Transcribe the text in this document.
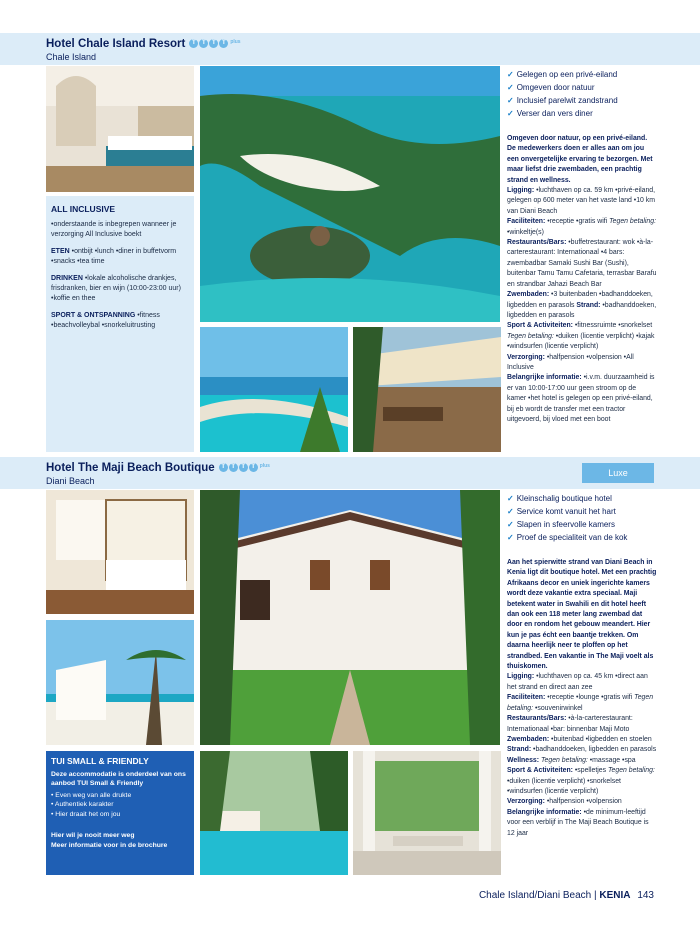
Hotel Chale Island Resort	T	T	T	T plus
Chale Island
ALL INCLUSIVE

•onderstaande is inbegrepen wanneer je verzorging All Inclusive boekt

ETEN •ontbijt •lunch •diner in buffetvorm •snacks •tea time

DRINKEN •lokale alcoholische drankjes, frisdranken, bier en wijn (10:00-23:00 uur) •koffie en thee

SPORT & ONTSPANNING •fitness •beachvolleybal •snorkeluitrusting

✓ Gelegen op een privé-eiland
✓ Omgeven door natuur
✓ Inclusief parelwit zandstrand
✓ Verser dan vers diner
Omgeven door natuur, op een privé-eiland. De medewerkers doen er alles aan om jou een onvergetelijke ervaring te bezorgen. Met maar liefst drie zwembaden, een prachtig strand en wellness.
Ligging: •luchthaven op ca. 59 km •privé-eiland, gelegen op 600 meter van het vaste land •10 km van Diani Beach
Faciliteiten: •receptie •gratis wifi Tegen betaling: •winkeltje(s)
Restaurants/Bars: •buffetrestaurant: wok •à-la-carterestaurant: Internationaal •4 bars: zwembadbar Samaki Sushi Bar (Sushi), buitenbar Tamu Tamu Cafetaria, terrasbar Barafu en strandbar Jahazi Beach Bar
Zwembaden: •3 buitenbaden •badhanddoeken, ligbedden en parasols Strand: •badhanddoeken, ligbedden en parasols
Sport & Activiteiten: •fitnessruimte •snorkelset Tegen betaling: •duiken (licentie verplicht) •kajak •windsurfen (licentie verplicht)
Verzorging: •halfpension •volpension •All Inclusive
Belangrijke informatie: •i.v.m. duurzaamheid is er van 10:00-17:00 uur geen stroom op de kamer •het hotel is gelegen op een privé-eiland, bij eb wordt de transfer met een tractor uitgevoerd, bij vloed met een boot
Hotel The Maji Beach Boutique	T	T	T	T plus
Diani Beach
Luxe
TUI SMALL & FRIENDLY
Deze accommodatie is onderdeel van ons aanbod TUI Small & Friendly
• Even weg van alle drukte
• Authentiek karakter
• Hier draait het om jou
Hier wil je nooit meer weg
Meer informatie voor in de brochure
✓ Kleinschalig boutique hotel
✓ Service komt vanuit het hart
✓ Slapen in sfeervolle kamers
✓ Proef de specialiteit van de kok
Aan het spierwitte strand van Diani Beach in Kenia ligt dit boutique hotel. Met een prachtig Afrikaans decor en uniek ingerichte kamers wordt deze vakantie extra speciaal. Maji betekent water in Swahili en dit hotel heeft dan ook een 118 meter lang zwembad dat door en rondom het gebouw meandert. Hier kun je pas écht een baantje trekken. Om daarna heerlijk neer te ploffen op het strandbed. Een vakantie in The Maji voelt als thuiskomen.
Ligging: •luchthaven op ca. 45 km •direct aan het strand en direct aan zee
Faciliteiten: •receptie •lounge •gratis wifi Tegen betaling: •souvenirwinkel
Restaurants/Bars: •à-la-carterestaurant: Internationaal •bar: binnenbar Maji Moto
Zwembaden: •buitenbad •ligbedden en stoelen Strand: •badhanddoeken, ligbedden en parasols
Wellness: Tegen betaling: •massage •spa
Sport & Activiteiten: •spelletjes Tegen betaling: •duiken (licentie verplicht) •snorkelset •windsurfen (licentie verplicht)
Verzorging: •halfpension •volpension
Belangrijke informatie: •de minimum-leeftijd voor een verblijf in The Maji Beach Boutique is 12 jaar
Chale Island/Diani Beach | KENIA 143
